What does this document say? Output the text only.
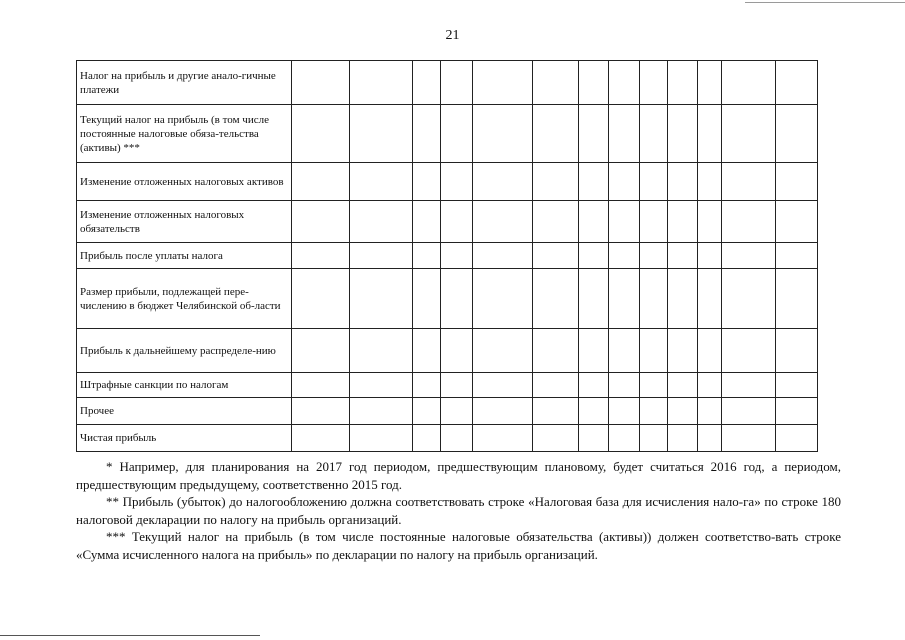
21
Налог на прибыль и другие анало-гичные платежи													
Текущий налог на прибыль (в том числе постоянные налоговые обяза-тельства (активы) ***													
Изменение отложенных налоговых активов													
Изменение отложенных налоговых обязательств													
Прибыль после уплаты налога													
Размер прибыли, подлежащей пере-числению в бюджет Челябинской об-ласти													
Прибыль к дальнейшему распределе-нию													
Штрафные санкции по налогам													
Прочее													
Чистая прибыль													

* Например, для планирования на 2017 год периодом, предшествующим плановому, будет считаться 2016 год, а периодом, предшествующим предыдущему, соответственно 2015 год.

** Прибыль (убыток) до налогообложению должна соответствовать строке «Налоговая база для исчисления нало-га» по строке 180 налоговой декларации по налогу на прибыль организаций.

*** Текущий налог на прибыль (в том числе постоянные налоговые обязательства (активы)) должен соответство-вать строке «Сумма исчисленного налога на прибыль» по декларации по налогу на прибыль организаций.
